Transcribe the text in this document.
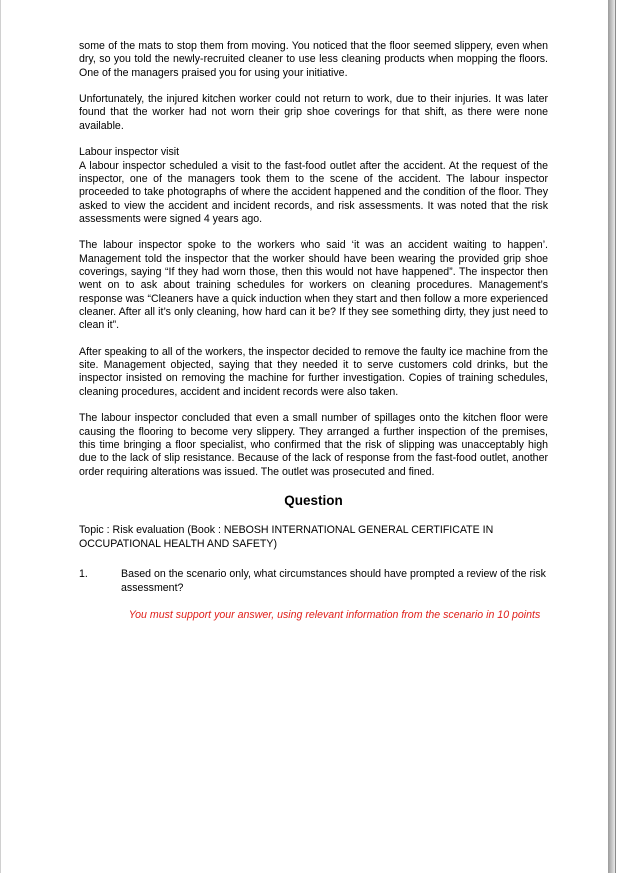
some of the mats to stop them from moving. You noticed that the floor seemed slippery, even when dry, so you told the newly-recruited cleaner to use less cleaning products when mopping the floors. One of the managers praised you for using your initiative.

Unfortunately, the injured kitchen worker could not return to work, due to their injuries. It was later found that the worker had not worn their grip shoe coverings for that shift, as there were none available.

Labour inspector visit

A labour inspector scheduled a visit to the fast-food outlet after the accident. At the request of the inspector, one of the managers took them to the scene of the accident. The labour inspector proceeded to take photographs of where the accident happened and the condition of the floor. They asked to view the accident and incident records, and risk assessments. It was noted that the risk assessments were signed 4 years ago.

The labour inspector spoke to the workers who said ‘it was an accident waiting to happen’. Management told the inspector that the worker should have been wearing the provided grip shoe coverings, saying “If they had worn those, then this would not have happened”. The inspector then went on to ask about training schedules for workers on cleaning procedures. Management’s response was “Cleaners have a quick induction when they start and then follow a more experienced cleaner. After all it’s only cleaning, how hard can it be? If they see something dirty, they just need to clean it”.

After speaking to all of the workers, the inspector decided to remove the faulty ice machine from the site. Management objected, saying that they needed it to serve customers cold drinks, but the inspector insisted on removing the machine for further investigation. Copies of training schedules, cleaning procedures, accident and incident records were also taken.

The labour inspector concluded that even a small number of spillages onto the kitchen floor were causing the flooring to become very slippery. They arranged a further inspection of the premises, this time bringing a floor specialist, who confirmed that the risk of slipping was unacceptably high due to the lack of slip resistance. Because of the lack of response from the fast-food outlet, another order requiring alterations was issued. The outlet was prosecuted and fined.

Question

Topic : Risk evaluation (Book : NEBOSH INTERNATIONAL GENERAL CERTIFICATE IN OCCUPATIONAL HEALTH AND SAFETY)

1.	Based on the scenario only, what circumstances should have prompted a review of the risk assessment?
You must support your answer, using relevant information from the scenario in 10 points
